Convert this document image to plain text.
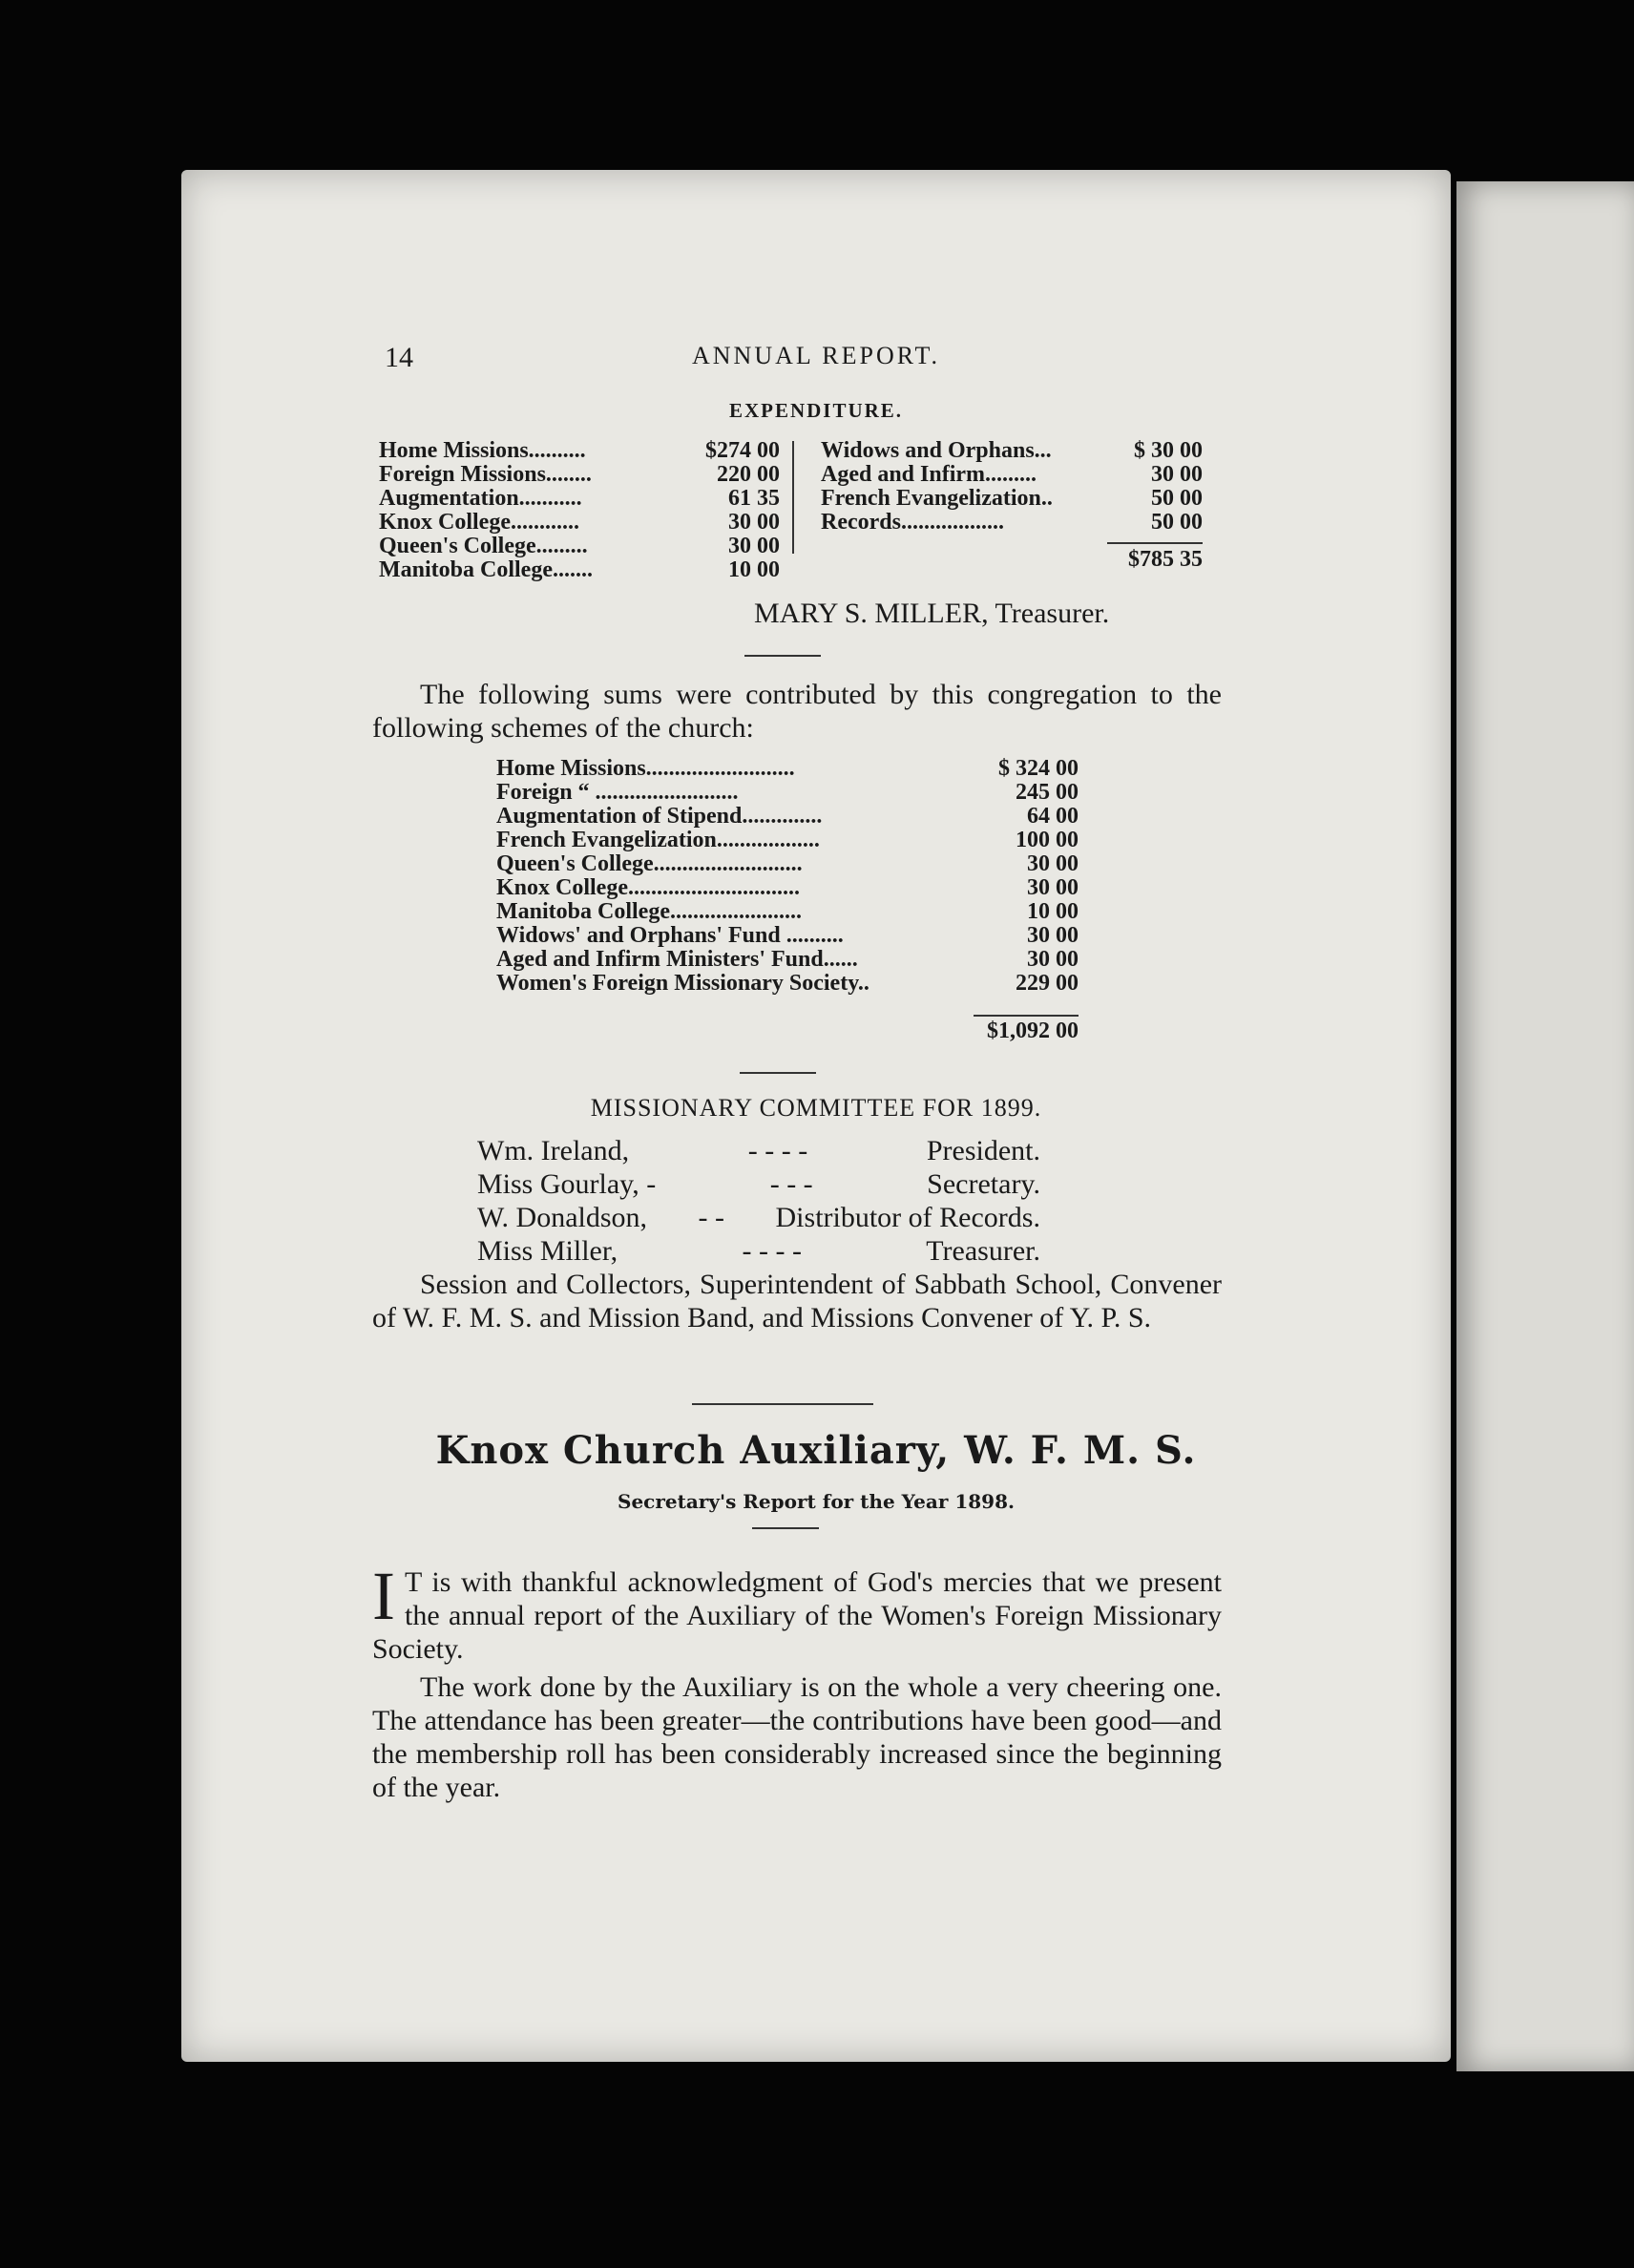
14	ANNUAL REPORT.
EXPENDITURE.
Home Missions..........	$274 00
Foreign Missions........	220 00
Augmentation...........	61 35
Knox College............	30 00
Queen's College.........	30 00
Manitoba College.......	10 00
Widows and Orphans...	$ 30 00
Aged and Infirm.........	30 00
French Evangelization..	50 00
Records..................	50 00
$785 35
MARY S. MILLER, Treasurer.
The following sums were contributed by this congregation to the following schemes of the church:
Home Missions..........................	$ 324 00
Foreign “ .........................	245 00
Augmentation of Stipend..............	64 00
French Evangelization..................	100 00
Queen's College..........................	30 00
Knox College..............................	30 00
Manitoba College.......................	10 00
Widows' and Orphans' Fund ..........	30 00
Aged and Infirm Ministers' Fund......	30 00
Women's Foreign Missionary Society..	229 00
$1,092 00
MISSIONARY COMMITTEE FOR 1899.
Wm. Ireland,	- - - -	President.
Miss Gourlay, -	- - -	Secretary.
W. Donaldson, - - Distributor of Records.
Miss Miller,	- - - -	Treasurer.
Session and Collectors, Superintendent of Sabbath School, Convener of W. F. M. S. and Mission Band, and Missions Convener of Y. P. S.
Knox Church Auxiliary, W. F. M. S.
Secretary's Report for the Year 1898.
I T is with thankful acknowledgment of God's mercies that we present the annual report of the Auxiliary of the Women's Foreign Missionary Society.
The work done by the Auxiliary is on the whole a very cheering one. The attendance has been greater—the contributions have been good—and the membership roll has been considerably increased since the beginning of the year.
